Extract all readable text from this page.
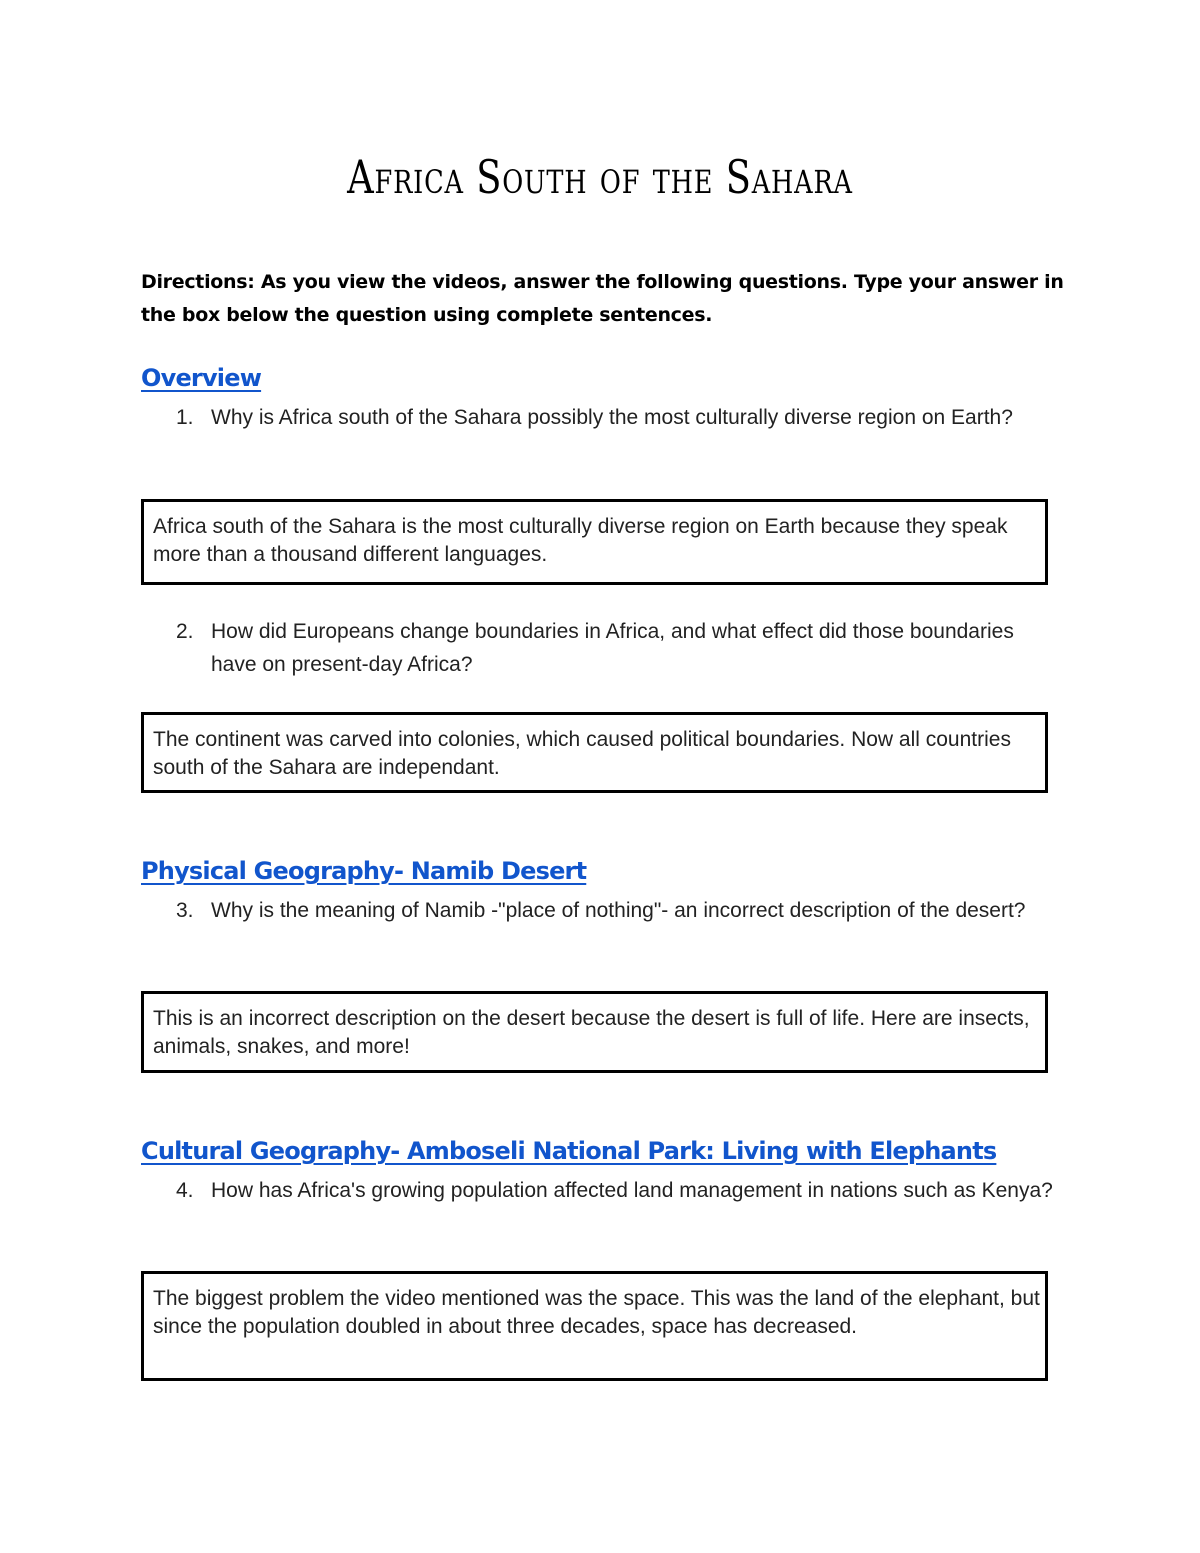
Africa South of the Sahara
Directions: As you view the videos, answer the following questions. Type your answer in the box below the question using complete sentences.
Overview
1. Why is Africa south of the Sahara possibly the most culturally diverse region on Earth?
Africa south of the Sahara is the most culturally diverse region on Earth because they speak more than a thousand different languages.
2. How did Europeans change boundaries in Africa, and what effect did those boundaries have on present-day Africa?
The continent was carved into colonies, which caused political boundaries. Now all countries south of the Sahara are independant.
Physical Geography- Namib Desert
3. Why is the meaning of Namib -"place of nothing"- an incorrect description of the desert?
This is an incorrect description on the desert because the desert is full of life. Here are insects, animals, snakes, and more!
Cultural Geography- Amboseli National Park: Living with Elephants
4. How has Africa's growing population affected land management in nations such as Kenya?
The biggest problem the video mentioned was the space. This was the land of the elephant, but since the population doubled in about three decades, space has decreased.
